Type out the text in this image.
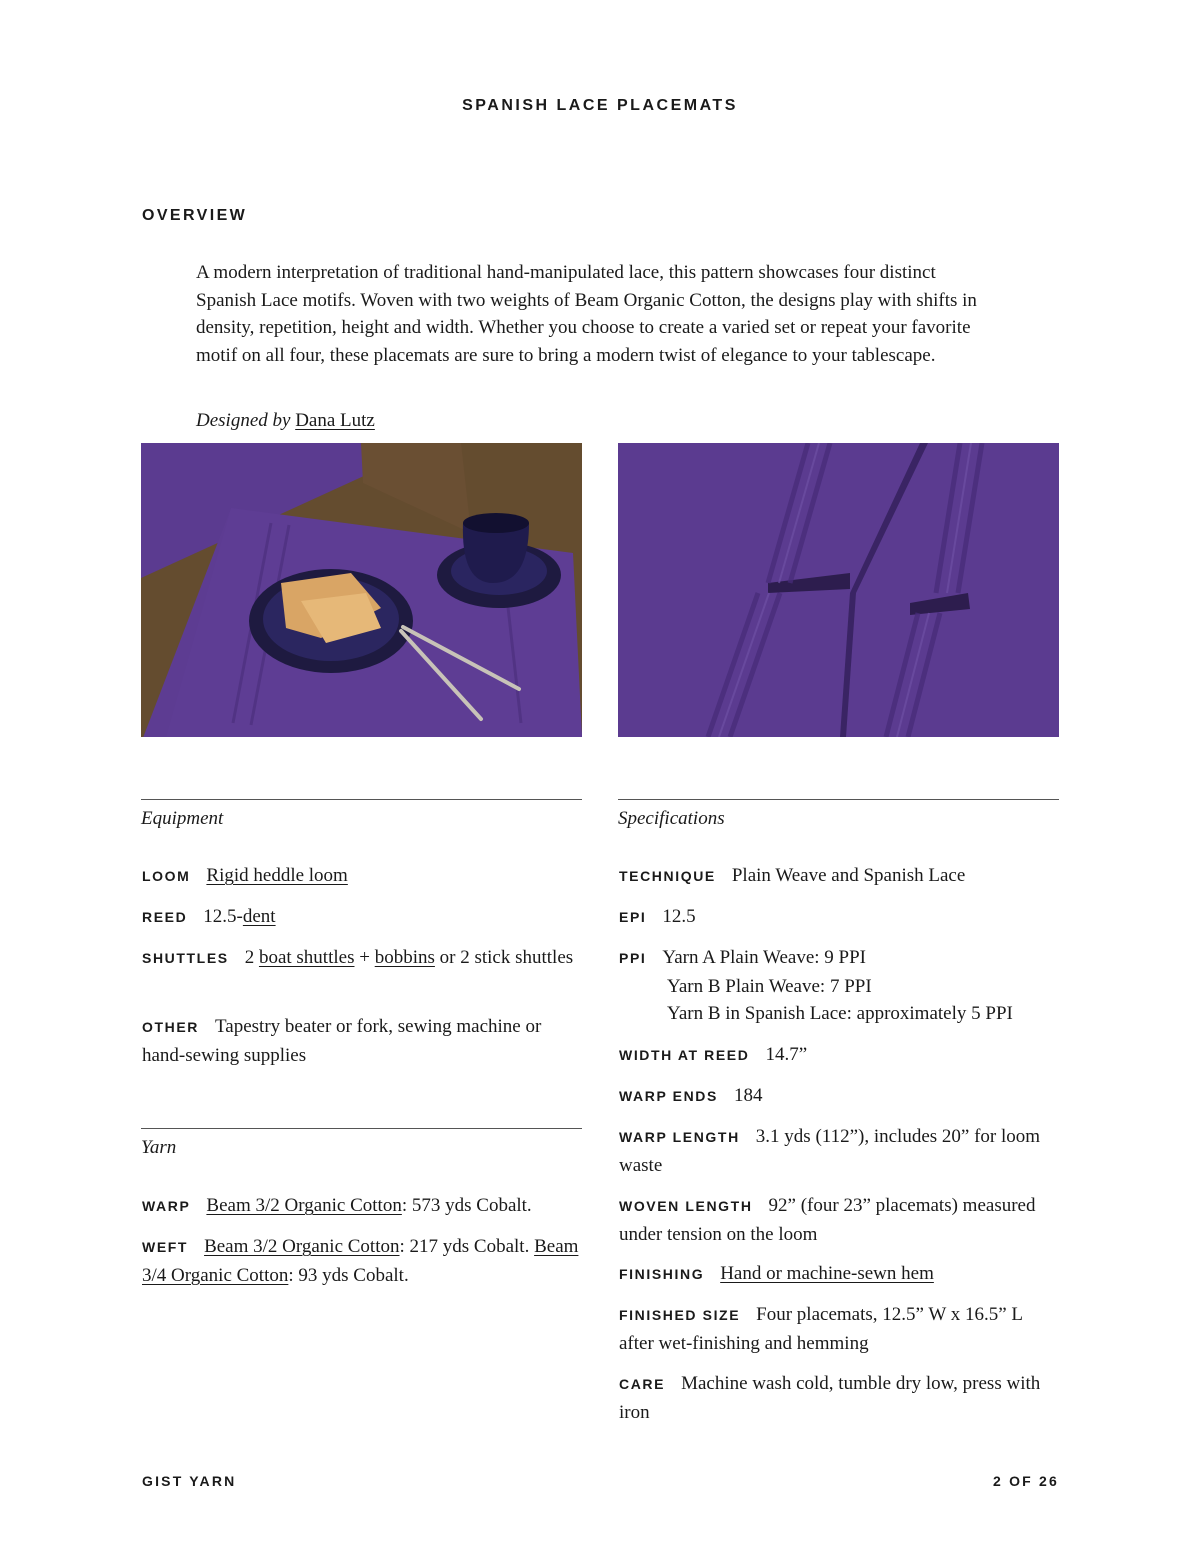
SPANISH LACE PLACEMATS
OVERVIEW

A modern interpretation of traditional hand-manipulated lace, this pattern showcases four distinct Spanish Lace motifs. Woven with two weights of Beam Organic Cotton, the designs play with shifts in density, repetition, height and width. Whether you choose to create a varied set or repeat your favorite motif on all four, these placemats are sure to bring a modern twist of elegance to your tablescape.

Designed by Dana Lutz
Equipment

LOOM Rigid heddle loom

REED 12.5-dent

SHUTTLES 2 boat shuttles + bobbins or 2 stick shuttles

OTHER Tapestry beater or fork, sewing machine or hand-sewing supplies

Yarn

WARP Beam 3/2 Organic Cotton: 573 yds Cobalt.

WEFT Beam 3/2 Organic Cotton: 217 yds Cobalt. Beam 3/4 Organic Cotton: 93 yds Cobalt.

Specifications

TECHNIQUE Plain Weave and Spanish Lace

EPI 12.5

PPI Yarn A Plain Weave: 9 PPI
Yarn B Plain Weave: 7 PPI
Yarn B in Spanish Lace: approximately 5 PPI

WIDTH AT REED 14.7”

WARP ENDS 184

WARP LENGTH 3.1 yds (112”), includes 20” for loom waste

WOVEN LENGTH 92” (four 23” placemats) measured under tension on the loom

FINISHING Hand or machine-sewn hem

FINISHED SIZE Four placemats, 12.5” W x 16.5” L after wet-finishing and hemming

CARE Machine wash cold, tumble dry low, press with iron

GIST YARN	2 OF 26
